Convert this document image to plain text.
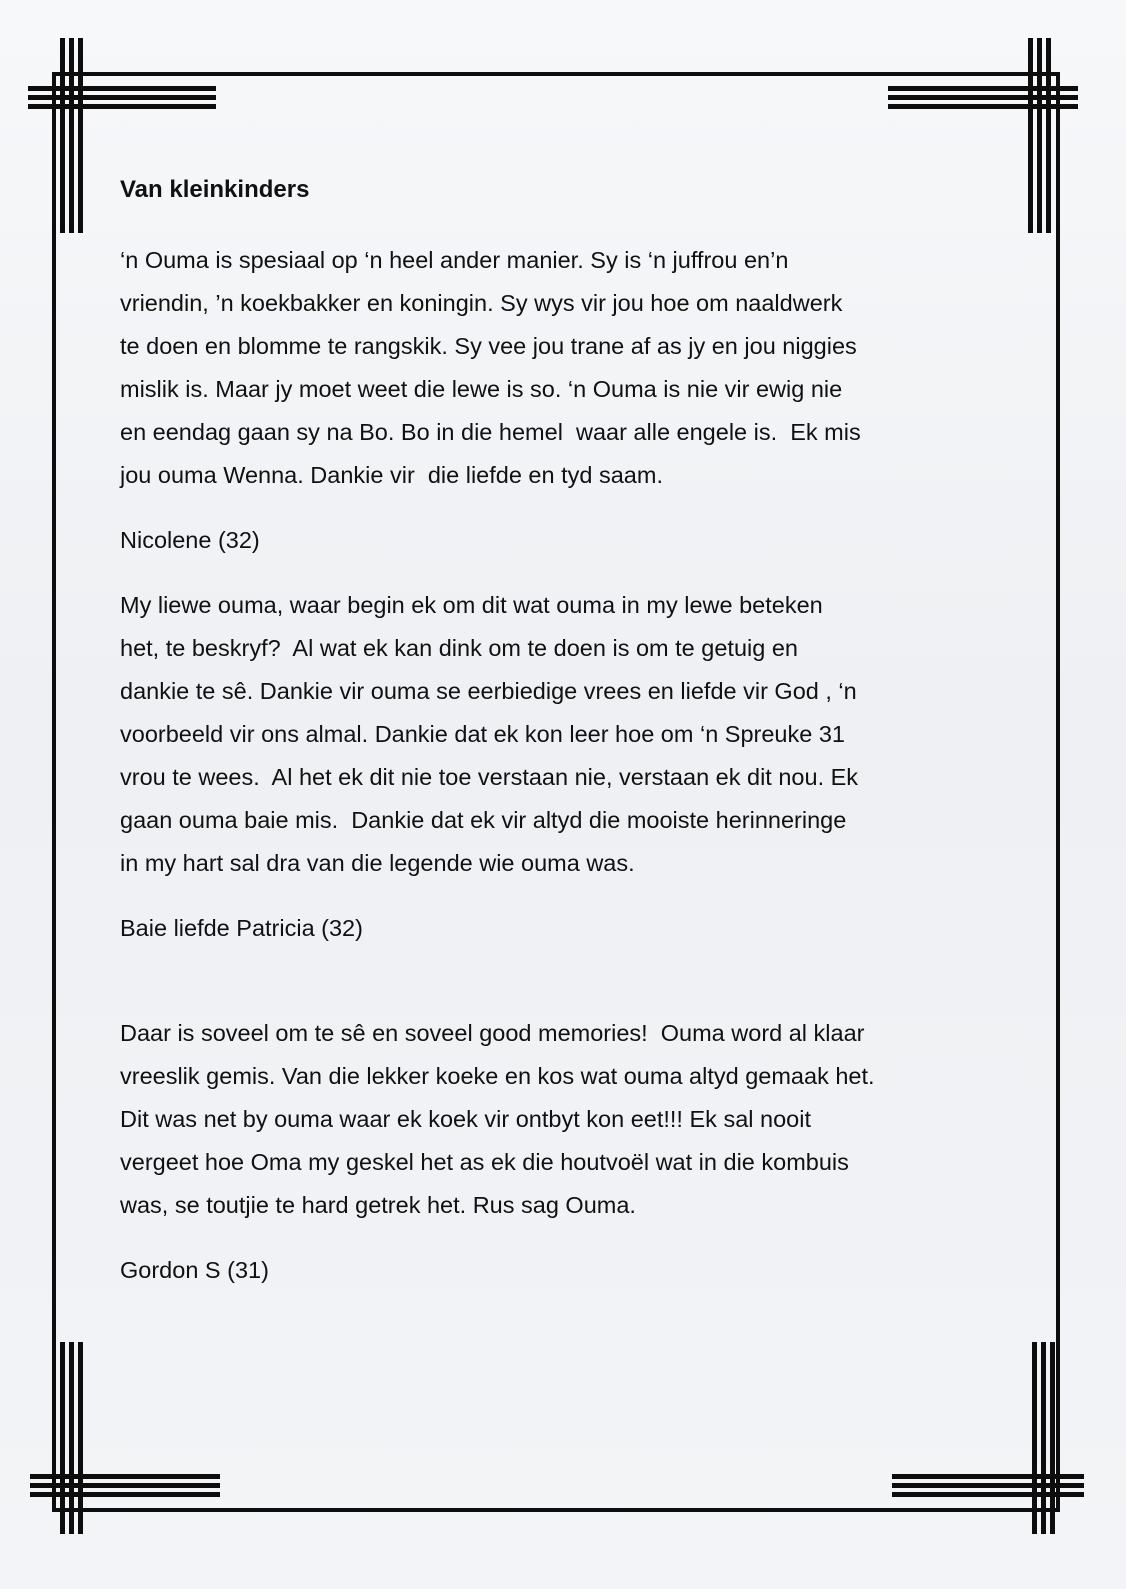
Van kleinkinders
‘n Ouma is spesiaal op ‘n heel ander manier. Sy is ‘n juffrou en’n
vriendin, ’n koekbakker en koningin. Sy wys vir jou hoe om naaldwerk
te doen en blomme te rangskik. Sy vee jou trane af as jy en jou niggies
mislik is. Maar jy moet weet die lewe is so. ‘n Ouma is nie vir ewig nie
en eendag gaan sy na Bo. Bo in die hemel  waar alle engele is.  Ek mis
jou ouma Wenna. Dankie vir  die liefde en tyd saam.
Nicolene (32)
My liewe ouma, waar begin ek om dit wat ouma in my lewe beteken
het, te beskryf?  Al wat ek kan dink om te doen is om te getuig en
dankie te sê. Dankie vir ouma se eerbiedige vrees en liefde vir God , ‘n
voorbeeld vir ons almal. Dankie dat ek kon leer hoe om ‘n Spreuke 31
vrou te wees.  Al het ek dit nie toe verstaan nie, verstaan ek dit nou. Ek
gaan ouma baie mis.  Dankie dat ek vir altyd die mooiste herinneringe
in my hart sal dra van die legende wie ouma was.
Baie liefde Patricia (32)
Daar is soveel om te sê en soveel good memories!  Ouma word al klaar
vreeslik gemis. Van die lekker koeke en kos wat ouma altyd gemaak het.
Dit was net by ouma waar ek koek vir ontbyt kon eet!!! Ek sal nooit
vergeet hoe Oma my geskel het as ek die houtvoël wat in die kombuis
was, se toutjie te hard getrek het. Rus sag Ouma.
Gordon S (31)
